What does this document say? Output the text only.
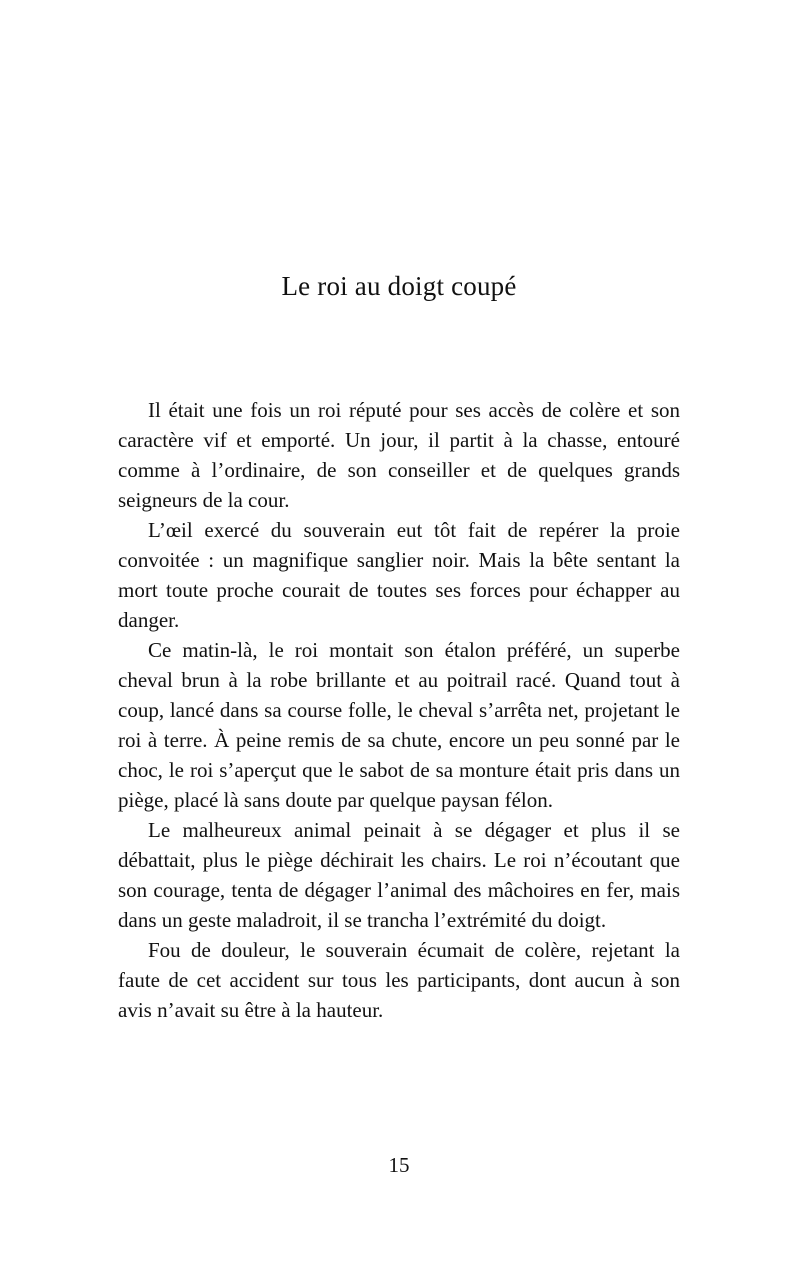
Le roi au doigt coupé

Il était une fois un roi réputé pour ses accès de colère et son caractère vif et emporté. Un jour, il partit à la chasse, entouré comme à l’ordinaire, de son conseiller et de quelques grands seigneurs de la cour.

L’œil exercé du souverain eut tôt fait de repérer la proie convoitée : un magnifique sanglier noir. Mais la bête sentant la mort toute proche courait de toutes ses forces pour échapper au danger.

Ce matin-là, le roi montait son étalon préféré, un superbe cheval brun à la robe brillante et au poitrail racé. Quand tout à coup, lancé dans sa course folle, le cheval s’arrêta net, projetant le roi à terre. À peine remis de sa chute, encore un peu sonné par le choc, le roi s’aperçut que le sabot de sa monture était pris dans un piège, placé là sans doute par quelque paysan félon.

Le malheureux animal peinait à se dégager et plus il se débattait, plus le piège déchirait les chairs. Le roi n’écoutant que son courage, tenta de dégager l’animal des mâchoires en fer, mais dans un geste maladroit, il se trancha l’extrémité du doigt.

Fou de douleur, le souverain écumait de colère, rejetant la faute de cet accident sur tous les participants, dont aucun à son avis n’avait su être à la hauteur.

15
